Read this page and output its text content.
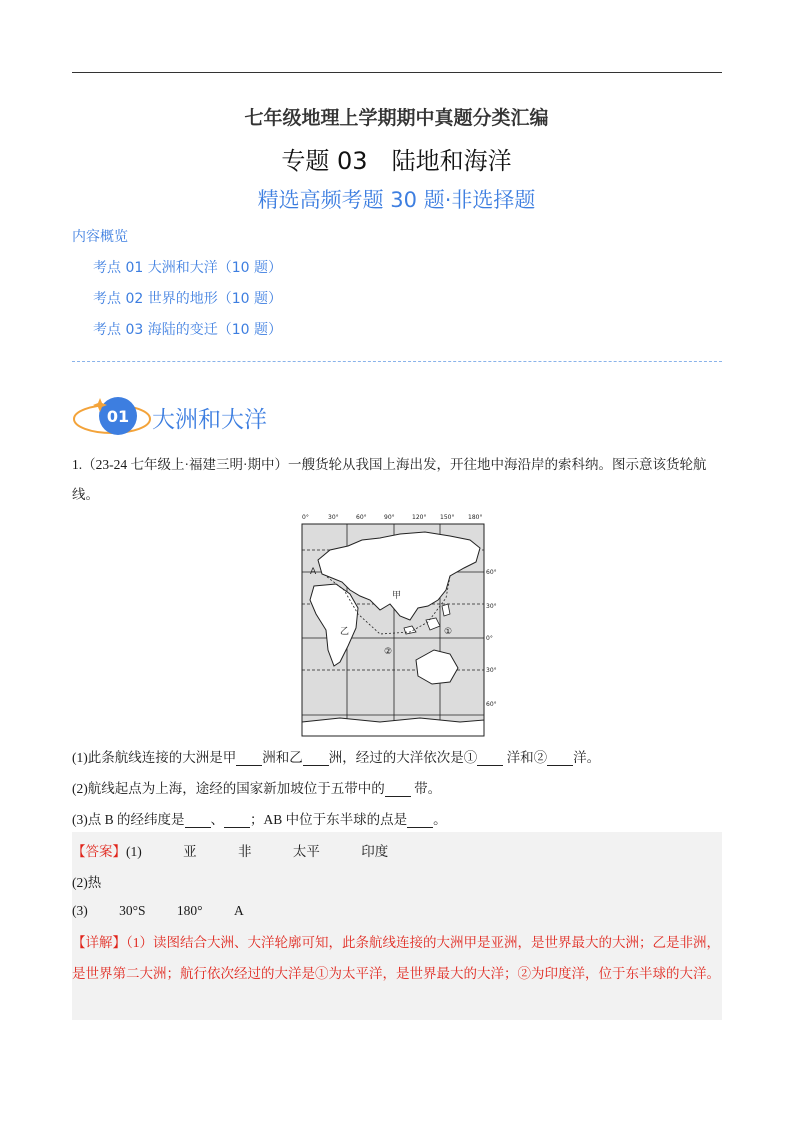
七年级地理上学期期中真题分类汇编
专题 03　陆地和海洋
精选高频考题 30 题·非选择题
内容概览
考点 01 大洲和大洋（10 题）
考点 02 世界的地形（10 题）
考点 03 海陆的变迁（10 题）
01 大洲和大洋
1.（23-24 七年级上·福建三明·期中）一艘货轮从我国上海出发，开往地中海沿岸的索科纳。图示意该货轮航线。
0°	30°	60°	90°	120° 150° 180°
60°
30°
0°
30°
60°
甲
乙	①
②
A
(1)此条航线连接的大洲是甲 洲和乙 洲，经过的大洋依次是① 洋和② 洋。
(2)航线起点为上海，途经的国家新加坡位于五带中的 带。
(3)点 B 的经纬度是 、 ；AB 中位于东半球的点是 。
【答案】(1)	亚	非	太平	印度
(2)热
(3) 30°S 180° A
【详解】（1）读图结合大洲、大洋轮廓可知，此条航线连接的大洲甲是亚洲，是世界最大的大洲；乙是非洲，是世界第二大洲；航行依次经过的大洋是①为太平洋，是世界最大的大洋；②为印度洋，位于东半球的大洋。
